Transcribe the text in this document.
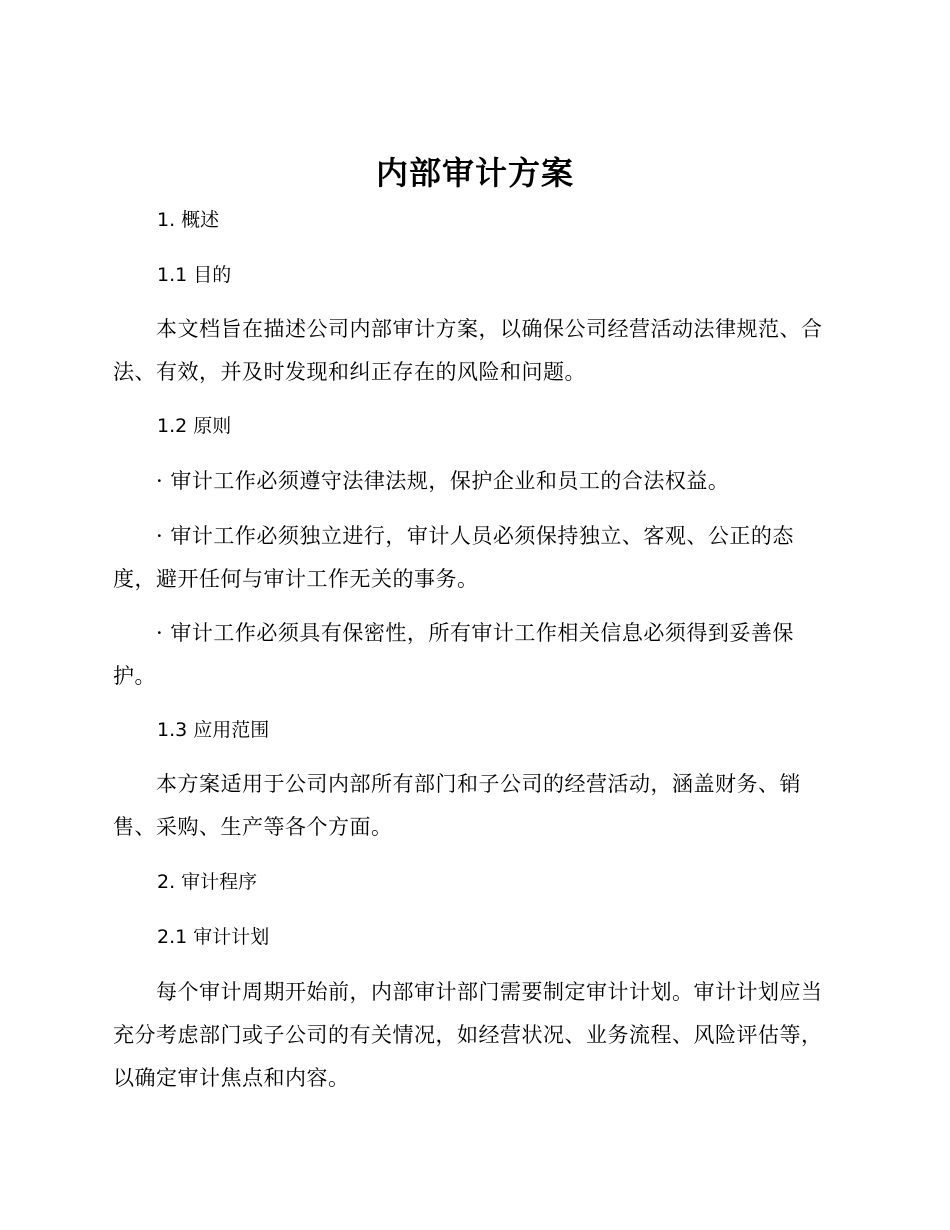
内部审计方案
1. 概述
1.1 目的
本文档旨在描述公司内部审计方案，以确保公司经营活动法律规范、合法、有效，并及时发现和纠正存在的风险和问题。
1.2 原则
· 审计工作必须遵守法律法规，保护企业和员工的合法权益。
· 审计工作必须独立进行，审计人员必须保持独立、客观、公正的态度，避开任何与审计工作无关的事务。
· 审计工作必须具有保密性，所有审计工作相关信息必须得到妥善保护。
1.3 应用范围
本方案适用于公司内部所有部门和子公司的经营活动，涵盖财务、销售、采购、生产等各个方面。
2. 审计程序
2.1 审计计划
每个审计周期开始前，内部审计部门需要制定审计计划。审计计划应当充分考虑部门或子公司的有关情况，如经营状况、业务流程、风险评估等，以确定审计焦点和内容。
